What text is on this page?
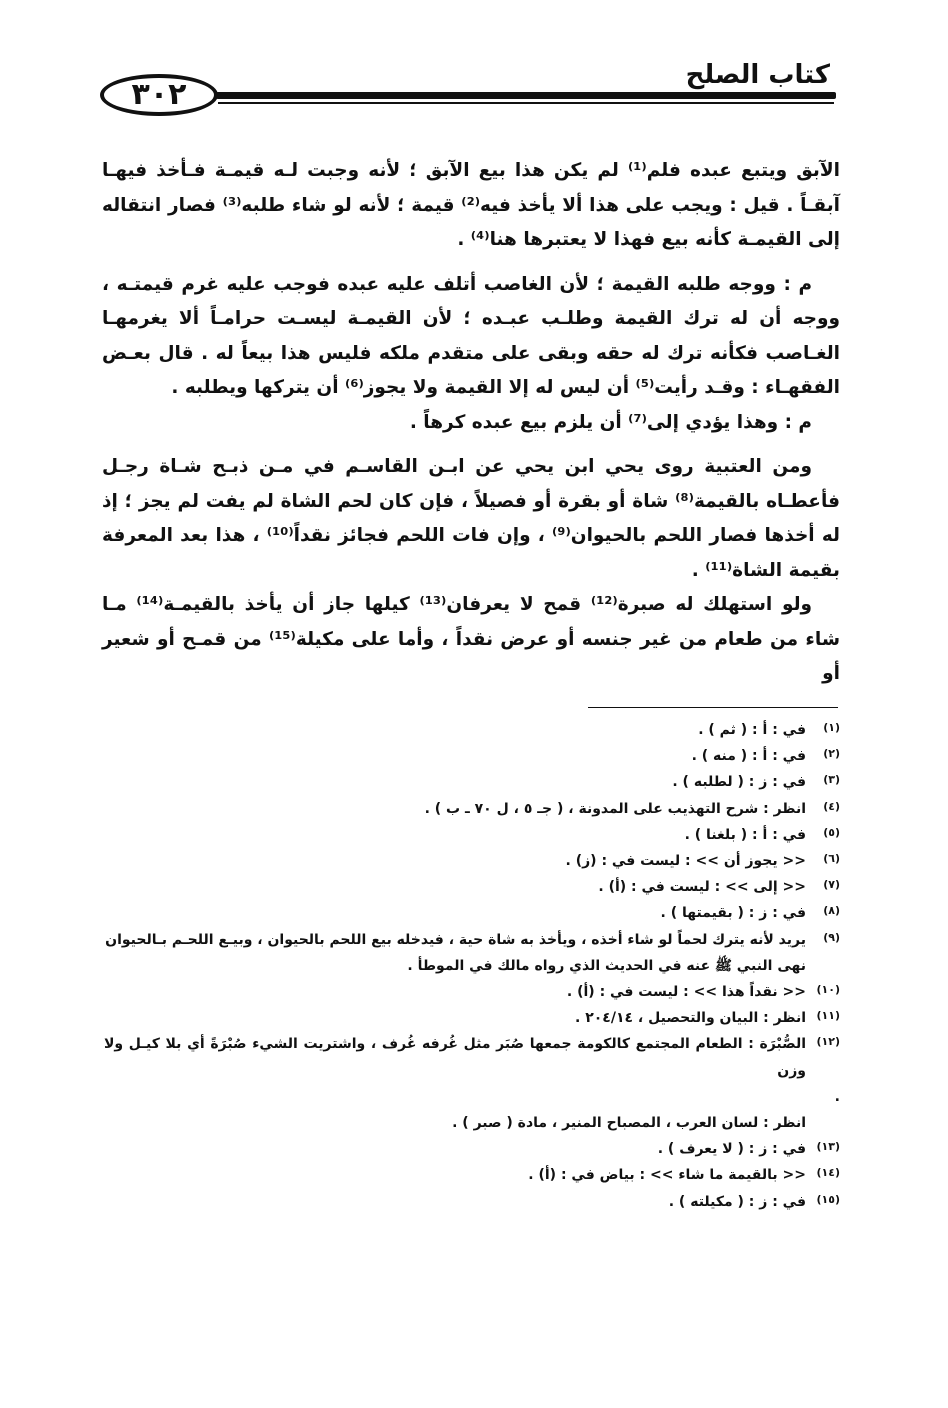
كتاب الصلح
٣٠٢

الآبق ويتبع عبده فلم⁽¹⁾ لم يكن هذا بيع الآبق ؛ لأنه وجبت لـه قيمـة فـأخذ فيهـا آبقـاً . قيل : ويجب على هذا ألا يأخذ فيه⁽²⁾ قيمة ؛ لأنه لو شاء طلبه⁽³⁾ فصار انتقاله إلى القيمـة كأنه بيع فهذا لا يعتبرها هنا⁽⁴⁾ .

م : ووجه طلبه القيمة ؛ لأن الغاصب أتلف عليه عبده فوجب عليه غرم قيمتـه ، ووجه أن له ترك القيمة وطلـب عبـده ؛ لأن القيمـة ليسـت حرامـاً ألا يغرمهـا الغـاصب فكأنه ترك له حقه وبقى على متقدم ملكه فليس هذا بيعاً له . قال بعـض الفقهـاء : وقـد رأيت⁽⁵⁾ أن ليس له إلا القيمة ولا يجوز⁽⁶⁾ أن يتركها ويطلبه .

م : وهذا يؤدي إلى⁽⁷⁾ أن يلزم بيع عبده كرهاً .

ومن العتبية روى يحي ابن يحي عن ابـن القاسـم في مـن ذبـح شـاة رجـل فأعطـاه بالقيمة⁽⁸⁾ شاة أو بقرة أو فصيلاً ، فإن كان لحم الشاة لم يفت لم يجز ؛ إذ له أخذها فصار اللحم بالحيوان⁽⁹⁾ ، وإن فات اللحم فجائز نقداً⁽¹⁰⁾ ، هذا بعد المعرفة بقيمة الشاة⁽¹¹⁾ .

ولو استهلك له صبرة⁽¹²⁾ قمح لا يعرفان⁽¹³⁾ كيلها جاز أن يأخذ بالقيمـة⁽¹⁴⁾ مـا شاء من طعام من غير جنسه أو عرض نقداً ، وأما على مكيلة⁽¹⁵⁾ من قمـح أو شعير أو

(١)
في : أ : ( ثم ) .
(٢)
في : أ : ( منه ) .
(٣)
في : ز : ( لطلبه ) .
(٤)
انظر : شرح التهذيب على المدونة ، ( جـ ٥ ، ل ٧٠ ـ ب ) .
(٥)
في : أ : ( بلغنا ) .
(٦)
<< يجوز أن >> : ليست في : (ز) .
(٧)
<< إلى >> : ليست في : (أ) .
(٨)
في : ز : ( بقيمتها ) .
(٩)
يريد لأنه يترك لحماً لو شاء أخذه ، ويأخذ به شاة حية ، فيدخله بيع اللحم بالحيوان ، وبيـع اللحـم بـالحيوان
نهى النبي ﷺ عنه في الحديث الذي رواه مالك في الموطأ .
(١٠)
<< نقداً هذا >> : ليست في : (أ) .
(١١)
انظر : البيان والتحصيل ، ٢٠٤/١٤ .
(١٢)
الصُّبْرَة : الطعام المجتمع كالكومة جمعها صُبَر مثل غُرفه غُرف ، واشتريت الشيء صُبْرَةً أي بلا كيـل ولا وزن
.
انظر : لسان العرب ، المصباح المنير ، مادة ( صبر ) .
(١٣)
في : ز : ( لا يعرف ) .
(١٤)
<< بالقيمة ما شاء >> : بياض في : (أ) .
(١٥)
في : ز : ( مكيلته ) .
